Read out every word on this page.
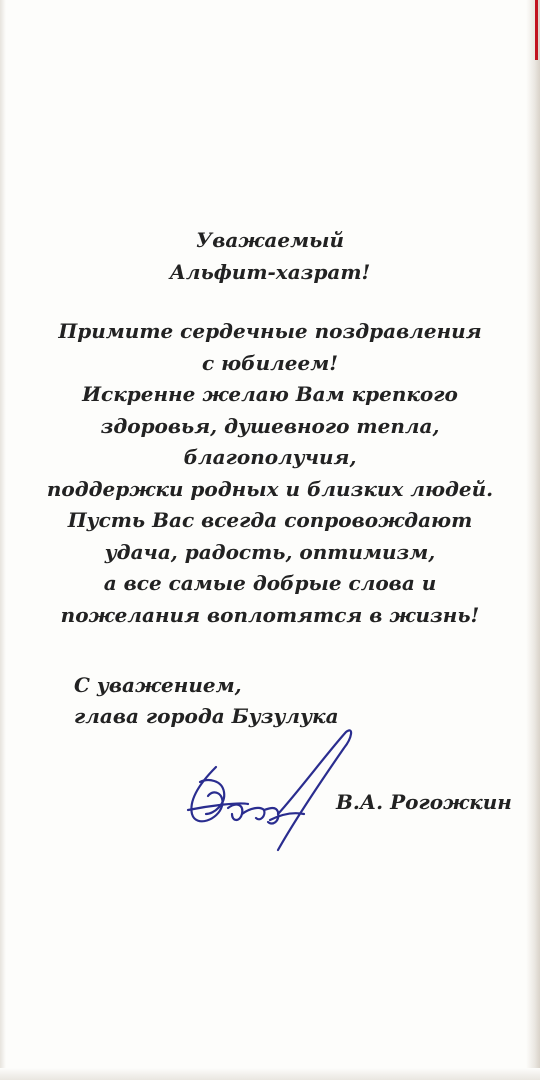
Уважаемый
Альфит-хазрат!
Примите сердечные поздравления
с юбилеем!
Искренне желаю Вам крепкого
здоровья, душевного тепла,
благополучия,
поддержки родных и близких людей.
Пусть Вас всегда сопровождают
удача, радость, оптимизм,
а все самые добрые слова и
пожелания воплотятся в жизнь!
С уважением,
глава города Бузулука
В.А. Рогожкин
